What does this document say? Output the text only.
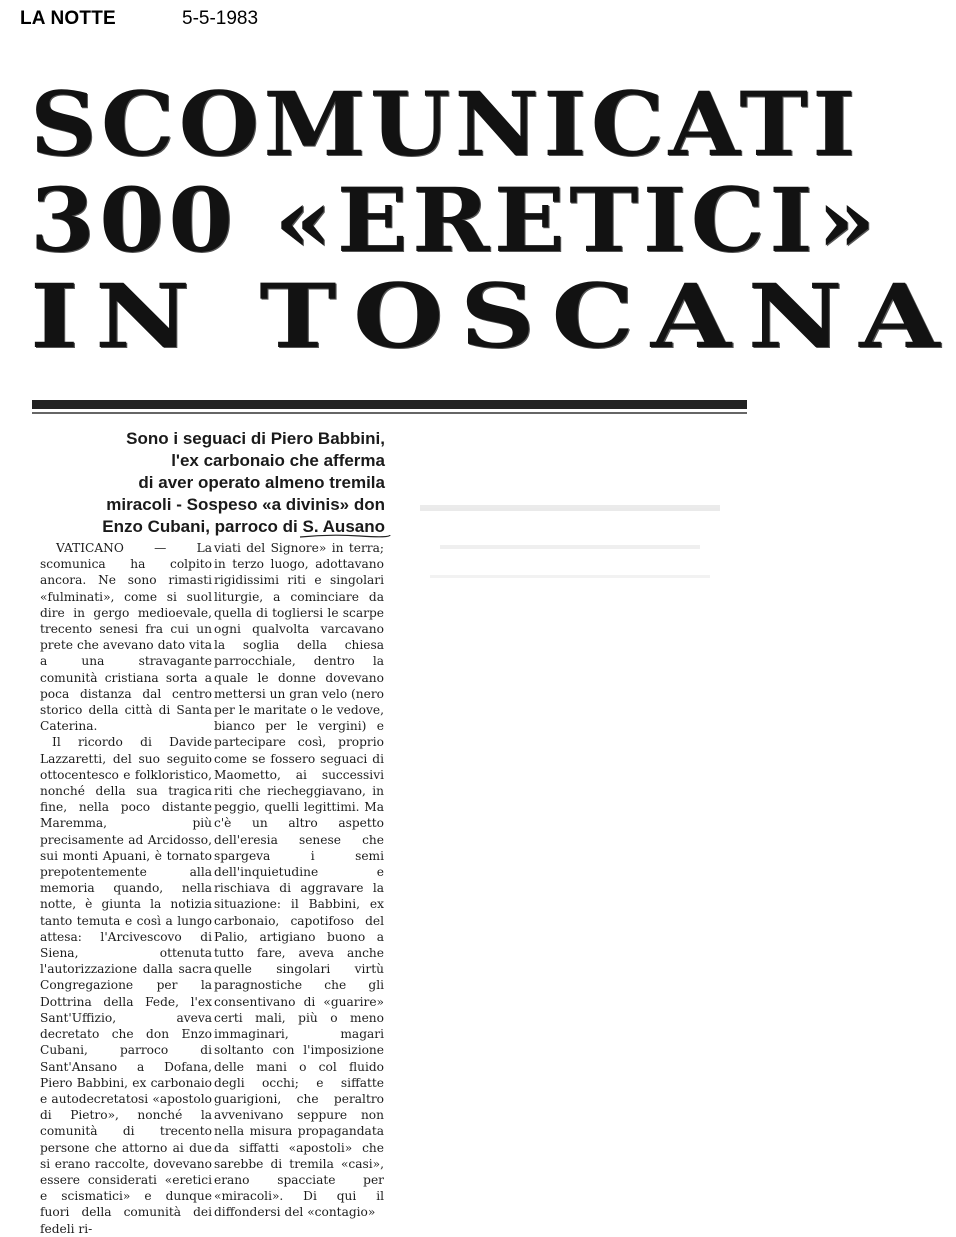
LA NOTTE	5-5-1983
SCOMUNICATI
300 «ERETICI»
IN TOSCANA
Sono i seguaci di Piero Babbini,
l'ex carbonaio che afferma
di aver operato almeno tremila
miracoli - Sospeso «a divinis» don
Enzo Cubani, parroco di S. Ausano

VATICANO — La scomunica ha colpito ancora. Ne sono rimasti «fulminati», come si suol dire in gergo medioevale, trecento senesi fra cui un prete che avevano dato vita a una stravagante comunità cristiana sorta a poca distanza dal centro storico della città di Santa Caterina.

Il ricordo di Davide Lazzaretti, del suo seguito ottocentesco e folkloristico, nonché della sua tragica fine, nella poco distante Maremma, più precisamente ad Arcidosso, sui monti Apuani, è tornato prepotentemente alla memoria quando, nella notte, è giunta la notizia tanto temuta e così a lungo attesa: l'Arcivescovo di Siena, ottenuta l'autorizzazione dalla sacra Congregazione per la Dottrina della Fede, l'ex Sant'Uffizio, aveva decretato che don Enzo Cubani, parroco di Sant'Ansano a Dofana, Piero Babbini, ex carbonaio e autodecretatosi «apostolo di Pietro», nonché la comunità di trecento persone che attorno ai due si erano raccolte, dovevano essere considerati «eretici e scismatici» e dunque fuori della comunità dei fedeli ri-

viati del Signore» in terra; in terzo luogo, adottavano rigidissimi riti e singolari liturgie, a cominciare da quella di togliersi le scarpe ogni qualvolta varcavano la soglia della chiesa parrocchiale, dentro la quale le donne dovevano mettersi un gran velo (nero per le maritate o le vedove, bianco per le vergini) e partecipare così, proprio come se fossero seguaci di Maometto, ai successivi riti che riecheggiavano, in peggio, quelli legittimi. Ma c'è un altro aspetto dell'eresia senese che spargeva i semi dell'inquietudine e rischiava di aggravare la situazione: il Babbini, ex carbonaio, capotifoso del Palio, artigiano buono a tutto fare, aveva anche quelle singolari virtù paragnostiche che gli consentivano di «guarire» certi mali, più o meno immaginari, magari soltanto con l'imposizione delle mani o col fluido degli occhi; e siffatte guarigioni, che peraltro avvenivano seppure non nella misura propagandata da siffatti «apostoli» che sarebbe di tremila «casi», erano spacciate per «miracoli». Di qui il diffondersi del «contagio»
